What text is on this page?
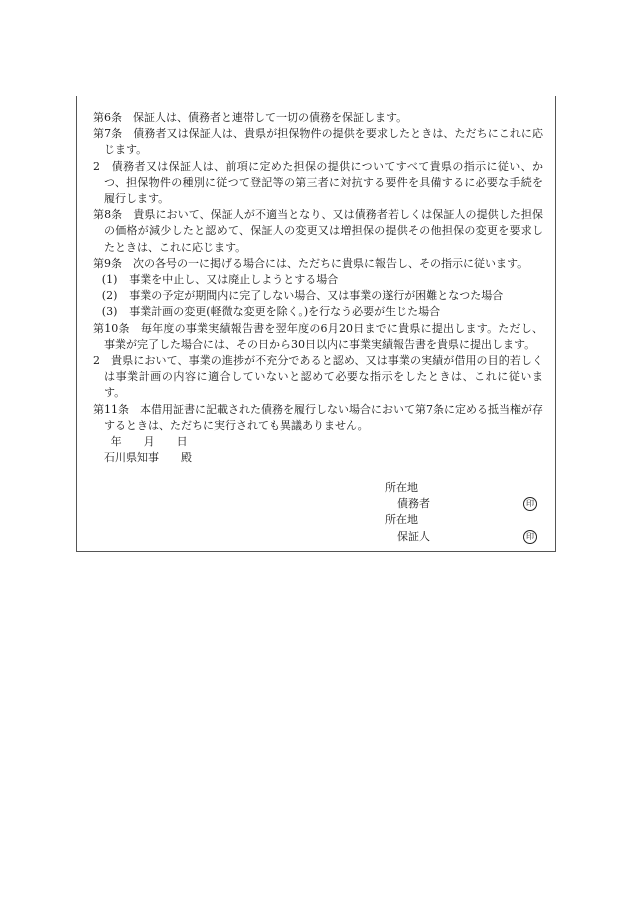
第6条　保証人は、債務者と連帯して一切の債務を保証します。

第7条　債務者又は保証人は、貴県が担保物件の提供を要求したときは、ただちにこれに応じます。

2　債務者又は保証人は、前項に定めた担保の提供についてすべて貴県の指示に従い、かつ、担保物件の種別に従つて登記等の第三者に対抗する要件を具備するに必要な手続を履行します。

第8条　貴県において、保証人が不適当となり、又は債務者若しくは保証人の提供した担保の価格が減少したと認めて、保証人の変更又は増担保の提供その他担保の変更を要求したときは、これに応じます。

第9条　次の各号の一に掲げる場合には、ただちに貴県に報告し、その指示に従います。

(1) 事業を中止し、又は廃止しようとする場合

(2) 事業の予定が期間内に完了しない場合、又は事業の遂行が困難となつた場合

(3) 事業計画の変更(軽微な変更を除く。)を行なう必要が生じた場合

第10条　毎年度の事業実績報告書を翌年度の6月20日までに貴県に提出します。ただし、事業が完了した場合には、その日から30日以内に事業実績報告書を貴県に提出します。

2　貴県において、事業の進捗が不充分であると認め、又は事業の実績が借用の目的若しくは事業計画の内容に適合していないと認めて必要な指示をしたときは、これに従います。

第11条　本借用証書に記載された債務を履行しない場合において第7条に定める抵当権が存するときは、ただちに実行されても異議ありません。

年　　月　　日

石川県知事　　殿

所在地
債務者	印
所在地
保証人	印
